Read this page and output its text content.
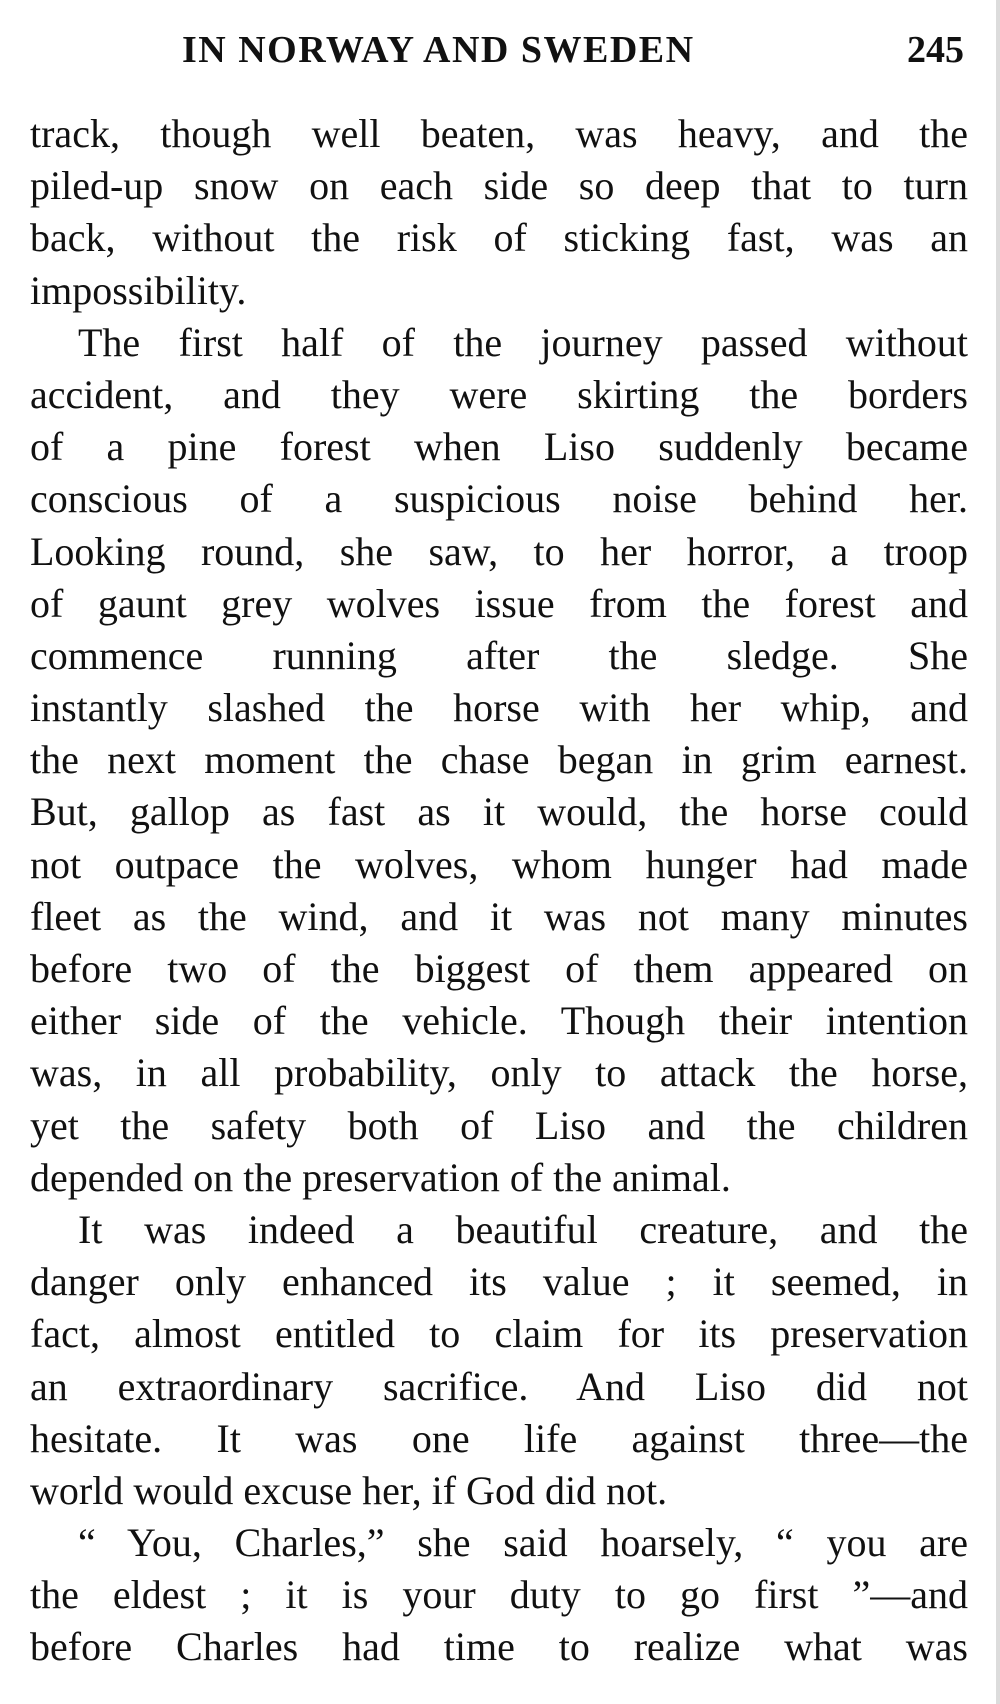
IN NORWAY AND SWEDEN	245
track, though well beaten, was heavy, and the
piled-up snow on each side so deep that to turn
back, without the risk of sticking fast, was an
impossibility.
The first half of the journey passed without
accident, and they were skirting the borders
of a pine forest when Liso suddenly became
conscious of a suspicious noise behind her.
Looking round, she saw, to her horror, a troop
of gaunt grey wolves issue from the forest and
commence running after the sledge. She
instantly slashed the horse with her whip, and
the next moment the chase began in grim earnest.
But, gallop as fast as it would, the horse could
not outpace the wolves, whom hunger had made
fleet as the wind, and it was not many minutes
before two of the biggest of them appeared on
either side of the vehicle. Though their intention
was, in all probability, only to attack the horse,
yet the safety both of Liso and the children
depended on the preservation of the animal.
It was indeed a beautiful creature, and the
danger only enhanced its value ; it seemed, in
fact, almost entitled to claim for its preservation
an extraordinary sacrifice. And Liso did not
hesitate. It was one life against three—the
world would excuse her, if God did not.
“ You, Charles,” she said hoarsely, “ you are
the eldest ; it is your duty to go first ”—and
before Charles had time to realize what was
